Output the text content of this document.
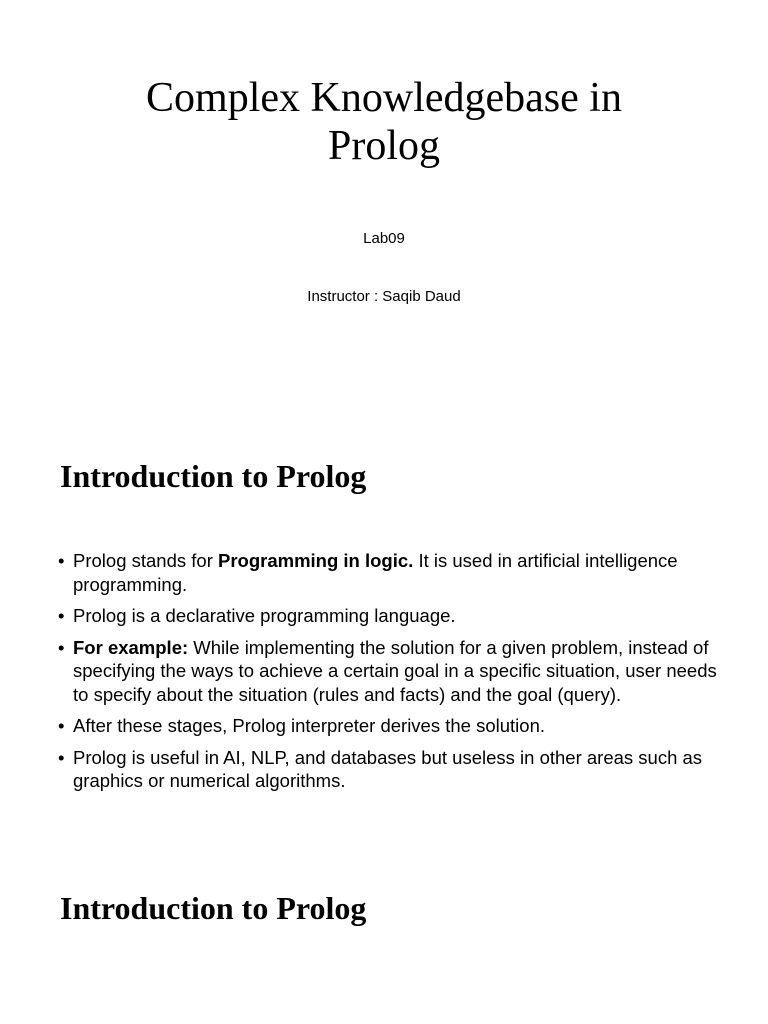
Complex Knowledgebase in
Prolog
Lab09
Instructor : Saqib Daud
Introduction to Prolog
• Prolog stands for Programming in logic. It is used in artificial intelligence programming.
• Prolog is a declarative programming language.
• For example: While implementing the solution for a given problem, instead of specifying the ways to achieve a certain goal in a specific situation, user needs to specify about the situation (rules and facts) and the goal (query).
• After these stages, Prolog interpreter derives the solution.
• Prolog is useful in AI, NLP, and databases but useless in other areas such as graphics or numerical algorithms.
Introduction to Prolog
